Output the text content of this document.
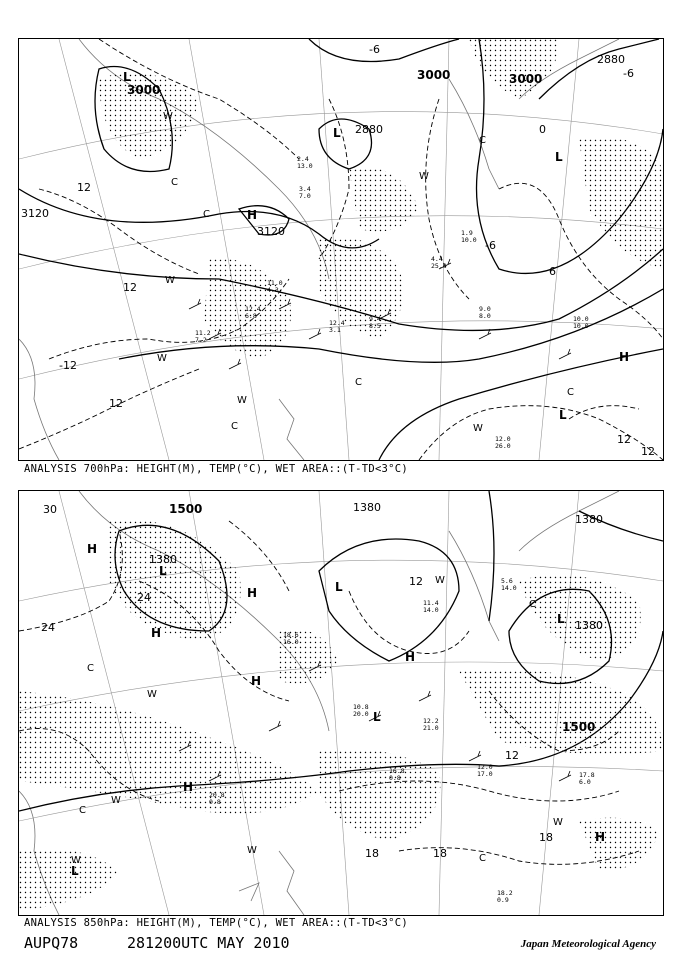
3000
3000	3000
2880
3120
3120
2880
12
12
12
-12
12
12
6
0
-6
-6
-6
L
L
L
H
H
L
C
C
C
C
C
C
W
W
W
W
W
W
3.4
7.0
9.4
8.5
11.0
4.3
12.4
6.8
9.0
8.0	10.0
10.0
12.0
26.0
2.4
13.0
4.4
25.0
1.9
10.0
12.4
3.1
11.2
7.2
ANALYSIS 700hPa: HEIGHT(M), TEMP(°C), WET AREA::(T-TD<3°C)
1500
1380
1380
1380
1380
1500
30
24
24
12
12
18	18
18
H
L
H
H
H
L
L
H
H
L
H
L
C
C
C
C
W
W
W
W
W
W
11.4
14.0
12.0
17.0	17.8
6.0
18.2
0.9
10.8
20.0
16.8
0.8
20.8
0.8
18.6
16.0
5.6
14.0
12.2
21.0
ANALYSIS 850hPa: HEIGHT(M), TEMP(°C), WET AREA::(T-TD<3°C)
AUPQ78	281200UTC MAY 2010	Japan Meteorological Agency
